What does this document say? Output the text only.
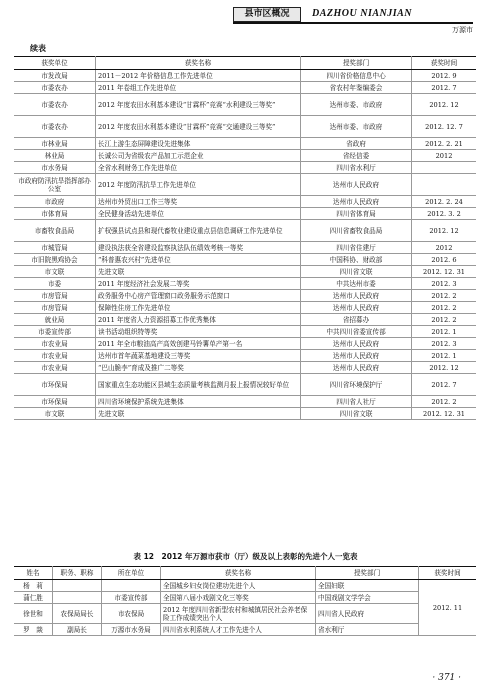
县市区概况	DAZHOU NIANJIAN
万源市
续表
获奖单位	获奖名称	授奖部门	获奖时间
市发改局	2011－2012 年价格信息工作先进单位	四川省价格信息中心	2012. 9
市委农办	2011 年卷组工作先进单位	省农村年鉴编委会	2012. 7
市委农办	2012 年度农田水利基本建设“甘霖杯”竞赛“水利建设三等奖”	达州市委、市政府	2012. 12
市委农办	2012 年度农田水利基本建设“甘霖杯”竞赛“交通建设三等奖”	达州市委、市政府	2012. 12. 7
市林业局	长江上游生态屏障建设先进集体	省政府	2012. 2. 21
林业局	长诚公司为省级农产品加工示范企业	省经信委	2012
市水务局	全省水利财务工作先进单位	四川省水利厅	
市政府防汛抗旱指挥部办公室	2012 年度防汛抗旱工作先进单位	达州市人民政府	
市政府	达州市外贸出口工作三等奖	达州市人民政府	2012. 2. 24
市体育局	全民健身活动先进单位	四川省体育局	2012. 3. 2
市畜牧食品局	扩权强县试点县和现代畜牧业建设重点县信息调研工作先进单位	四川省畜牧食品局	2012. 12
市城管局	建设执法获全省建设监察执法队伍绩效考核一等奖	四川省住建厅	2012
市旧院黑鸡协会	“科普惠农兴村”先进单位	中国科协、财政部	2012. 6
市文联	先进文联	四川省文联	2012. 12. 31
市委	2011 年度经济社会发展二等奖	中共达州市委	2012. 3
市房管局	政务服务中心房产管理窗口政务服务示范窗口	达州市人民政府	2012. 2
市房管局	保障性住房工作先进单位	达州市人民政府	2012. 2
就业局	2011 年度省人力资源招募工作优秀集体	省招募办	2012. 2
市委宣传部	读书活动组织特等奖	中共四川省委宣传部	2012. 1
市农业局	2011 年全市粮油高产高效创建马铃薯单产第一名	达州市人民政府	2012. 3
市农业局	达州市首年蔬菜基地建设三等奖	达州市人民政府	2012. 1
市农业局	“巴山脆李”育成及推广二等奖	达州市人民政府	2012. 12
市环保局	国家重点生态功能区县域生态质量考核监测月报上报情况较好单位	四川省环境保护厅	2012. 7
市环保局	四川省环境保护系统先进集体	四川省人社厅	2012. 2
市文联	先进文联	四川省文联	2012. 12. 31
表 12　2012 年万源市获市（厅）级及以上表彰的先进个人一览表
姓名	职务、职称	所在单位	获奖名称	授奖部门	获奖时间
杨　莉			全国城乡妇女岗位建功先进个人	全国妇联	2012. 11
蒲仁胜		市委宣传部	全国第八届小戏剧文化三等奖	中国戏剧文学学会	
徐世和	农保局局长	市农保局	2012 年度四川省新型农村和城镇居民社会养老保险工作成绩突出个人	四川省人民政府	
罗　燚	副局长	万源市水务局	四川省水利系统人才工作先进个人	省水利厅	
· 371 ·
